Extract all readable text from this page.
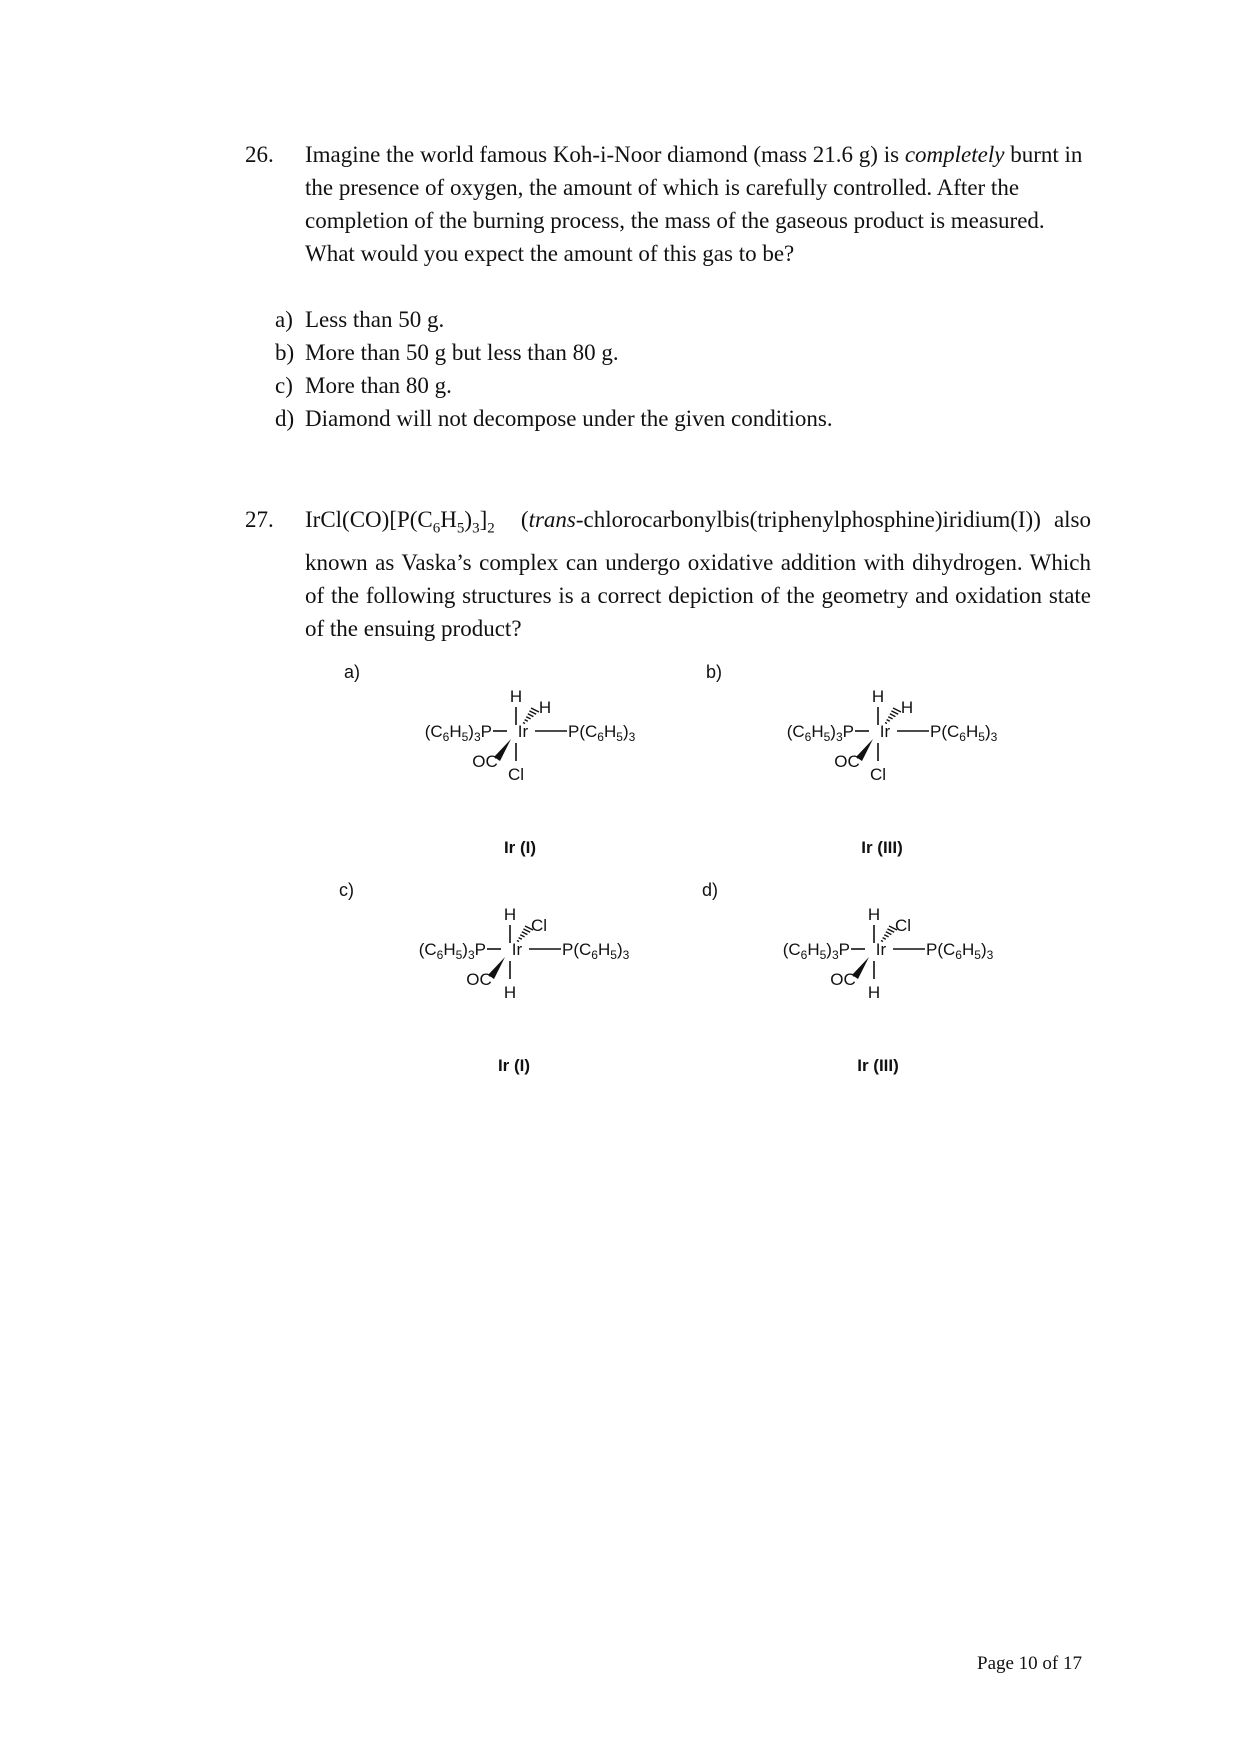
26. Imagine the world famous Koh-i-Noor diamond (mass 21.6 g) is completely burnt in the presence of oxygen, the amount of which is carefully controlled. After the completion of the burning process, the mass of the gaseous product is measured. What would you expect the amount of this gas to be?
a) Less than 50 g.
b) More than 50 g but less than 80 g.
c) More than 80 g.
d) Diamond will not decompose under the given conditions.
27. $IrCl(CO)[P(C_6H_5)_3]_2$ (trans-chlorocarbonylbis(triphenylphosphine)iridium(I)) also known as Vaska’s complex can undergo oxidative addition with dihydrogen. Which of the following structures is a correct depiction of the geometry and oxidation state of the ensuing product?
a)
Ir
H
H
Cl
$(C_6H_5)_3P$	$P(C_6H_5)_3$
OC
Ir (I)
b)
Ir
H
H
Cl
$(C_6H_5)_3P$	$P(C_6H_5)_3$
OC
Ir (III)
c)
Ir
H
Cl
H
$(C_6H_5)_3P$	$P(C_6H_5)_3$
OC
Ir (I)
d)
Ir
H
Cl
H
$(C_6H_5)_3P$	$P(C_6H_5)_3$
OC
Ir (III)
Page 10 of 17
